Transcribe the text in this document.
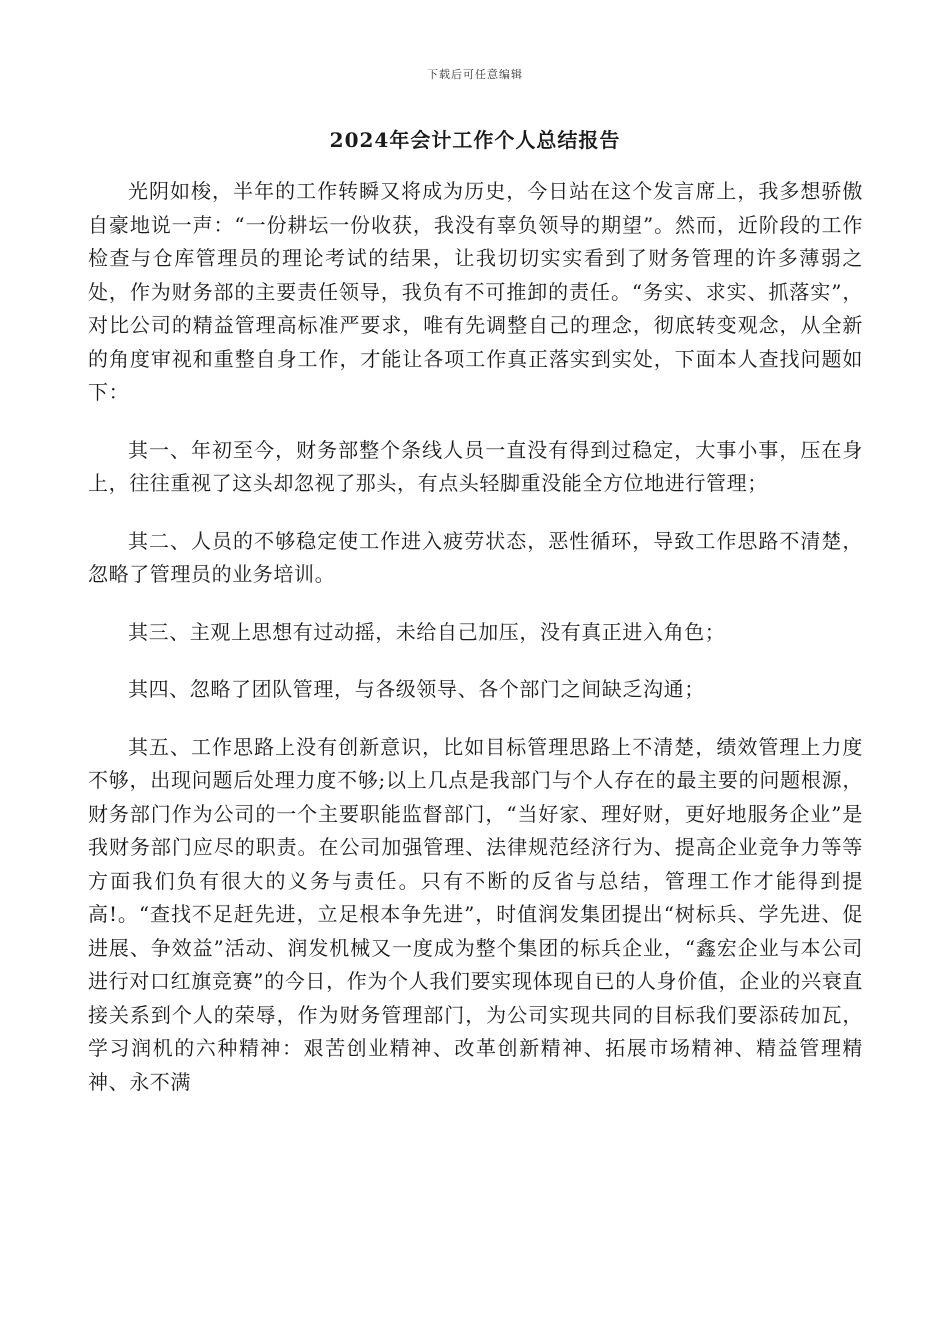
下载后可任意编辑
2024年会计工作个人总结报告

光阴如梭，半年的工作转瞬又将成为历史，今日站在这个发言席上，我多想骄傲自豪地说一声：“一份耕坛一份收获，我没有辜负领导的期望”。然而，近阶段的工作检查与仓库管理员的理论考试的结果，让我切切实实看到了财务管理的许多薄弱之处，作为财务部的主要责任领导，我负有不可推卸的责任。“务实、求实、抓落实”，对比公司的精益管理高标准严要求，唯有先调整自己的理念，彻底转变观念，从全新的角度审视和重整自身工作，才能让各项工作真正落实到实处，下面本人查找问题如下：

其一、年初至今，财务部整个条线人员一直没有得到过稳定，大事小事，压在身上，往往重视了这头却忽视了那头，有点头轻脚重没能全方位地进行管理；

其二、人员的不够稳定使工作进入疲劳状态，恶性循环，导致工作思路不清楚，忽略了管理员的业务培训。

其三、主观上思想有过动摇，未给自己加压，没有真正进入角色；

其四、忽略了团队管理，与各级领导、各个部门之间缺乏沟通；

其五、工作思路上没有创新意识，比如目标管理思路上不清楚，绩效管理上力度不够，出现问题后处理力度不够;以上几点是我部门与个人存在的最主要的问题根源，财务部门作为公司的一个主要职能监督部门，“当好家、理好财，更好地服务企业”是我财务部门应尽的职责。在公司加强管理、法律规范经济行为、提高企业竞争力等等方面我们负有很大的义务与责任。只有不断的反省与总结，管理工作才能得到提高!。“查找不足赶先进，立足根本争先进”，时值润发集团提出“树标兵、学先进、促进展、争效益”活动、润发机械又一度成为整个集团的标兵企业，“鑫宏企业与本公司进行对口红旗竞赛”的今日，作为个人我们要实现体现自已的人身价值，企业的兴衰直接关系到个人的荣辱，作为财务管理部门，为公司实现共同的目标我们要添砖加瓦，学习润机的六种精神：艰苦创业精神、改革创新精神、拓展市场精神、精益管理精神、永不满
